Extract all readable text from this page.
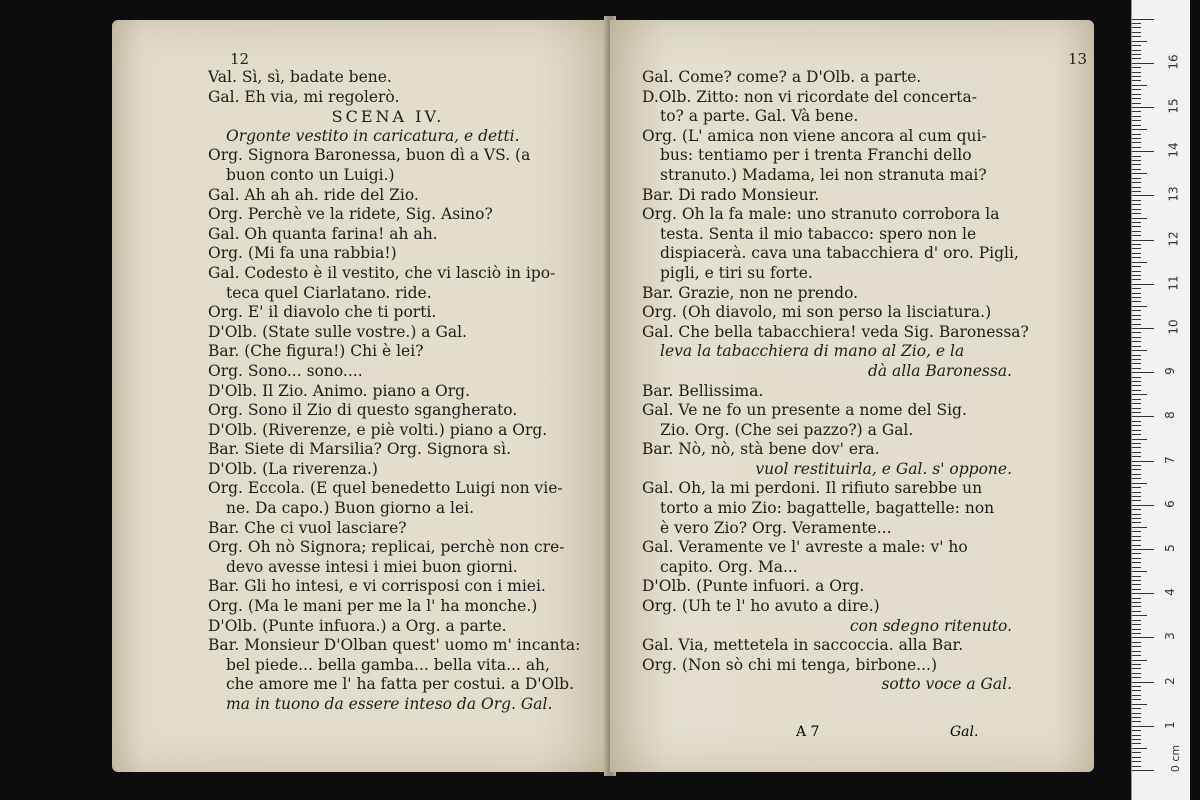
12
Val. Sì, sì, badate bene.
Gal. Eh via, mi regolerò.
SCENA IV.
Orgonte vestito in caricatura, e detti.
Org. Signora Baronessa, buon dì a VS. (a
buon conto un Luigi.)
Gal. Ah ah ah. ride del Zio.
Org. Perchè ve la ridete, Sig. Asino?
Gal. Oh quanta farina! ah ah.
Org. (Mi fa una rabbia!)
Gal. Codesto è il vestito, che vi lasciò in ipo-
teca quel Ciarlatano. ride.
Org. E' il diavolo che ti porti.
D'Olb. (State sulle vostre.) a Gal.
Bar. (Che figura!) Chi è lei?
Org. Sono... sono....
D'Olb. Il Zio. Animo. piano a Org.
Org. Sono il Zio di questo sgangherato.
D'Olb. (Riverenze, e piè volti.) piano a Org.
Bar. Siete di Marsilia? Org. Signora sì.
D'Olb. (La riverenza.)
Org. Eccola. (E quel benedetto Luigi non vie-
ne. Da capo.) Buon giorno a lei.
Bar. Che ci vuol lasciare?
Org. Oh nò Signora; replicai, perchè non cre-
devo avesse intesi i miei buon giorni.
Bar. Gli ho intesi, e vi corrisposi con i miei.
Org. (Ma le mani per me la l' ha monche.)
D'Olb. (Punte infuora.) a Org. a parte.
Bar. Monsieur D'Olban quest' uomo m' incanta:
bel piede... bella gamba... bella vita... ah,
che amore me l' ha fatta per costui. a D'Olb.
ma in tuono da essere inteso da Org. Gal.
13
Gal. Come? come? a D'Olb. a parte.
D.Olb. Zitto: non vi ricordate del concerta-
to? a parte. Gal. Và bene.
Org. (L' amica non viene ancora al cum qui-
bus: tentiamo per i trenta Franchi dello
stranuto.) Madama, lei non stranuta mai?
Bar. Di rado Monsieur.
Org. Oh la fa male: uno stranuto corrobora la
testa. Senta il mio tabacco: spero non le
dispiacerà. cava una tabacchiera d' oro. Pigli,
pigli, e tiri su forte.
Bar. Grazie, non ne prendo.
Org. (Oh diavolo, mi son perso la lisciatura.)
Gal. Che bella tabacchiera! veda Sig. Baronessa?
leva la tabacchiera di mano al Zio, e la
dà alla Baronessa.
Bar. Bellissima.
Gal. Ve ne fo un presente a nome del Sig.
Zio. Org. (Che sei pazzo?) a Gal.
Bar. Nò, nò, stà bene dov' era.
vuol restituirla, e Gal. s' oppone.
Gal. Oh, la mi perdoni. Il rifiuto sarebbe un
torto a mio Zio: bagattelle, bagattelle: non
è vero Zio? Org. Veramente...
Gal. Veramente ve l' avreste a male: v' ho
capito. Org. Ma...
D'Olb. (Punte infuori. a Org.
Org. (Uh te l' ho avuto a dire.)
con sdegno ritenuto.
Gal. Via, mettetela in saccoccia. alla Bar.
Org. (Non sò chi mi tenga, birbone...)
sotto voce a Gal.
A 7	Gal.
0 cm
1
2
3
4
5
6
7
8
9
10
11
12
13
14
15
16
